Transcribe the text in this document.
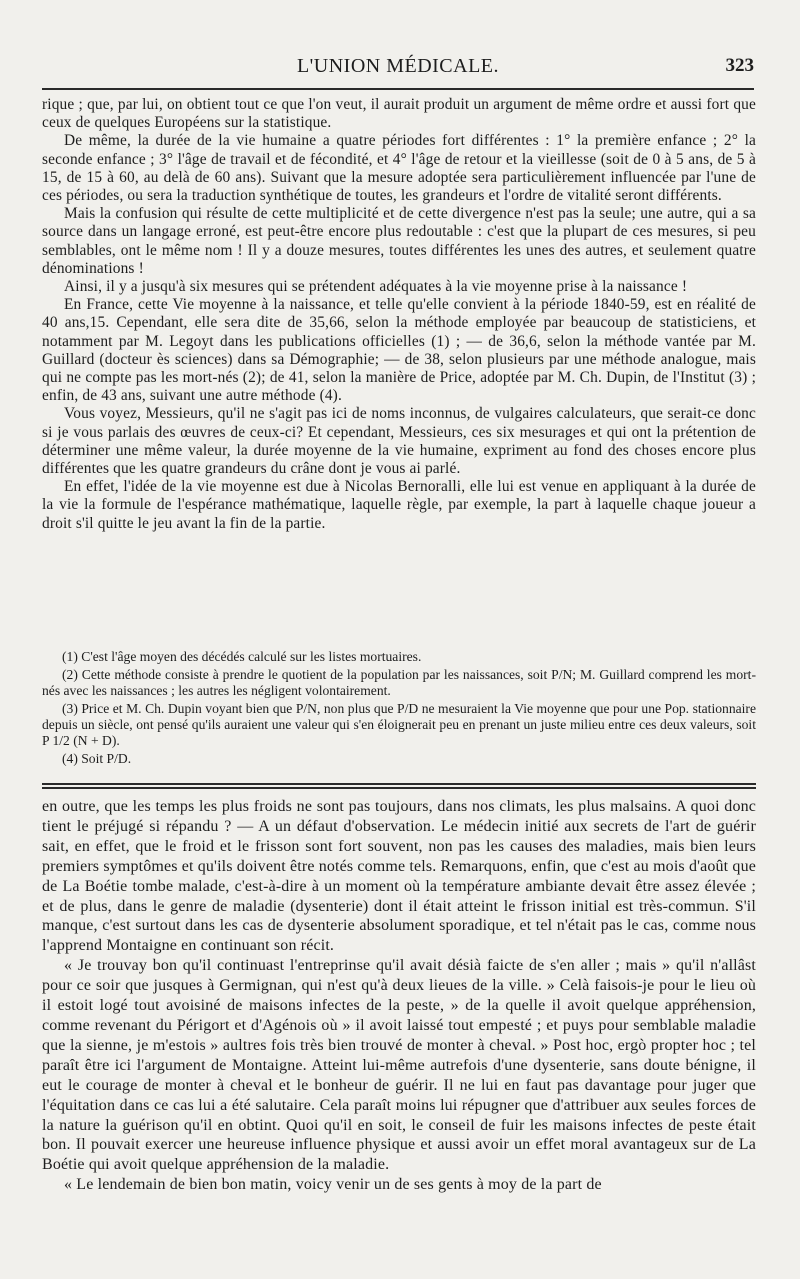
L'UNION MÉDICALE.	323

rique ; que, par lui, on obtient tout ce que l'on veut, il aurait produit un argument de même ordre et aussi fort que ceux de quelques Européens sur la statistique.

De même, la durée de la vie humaine a quatre périodes fort différentes : 1° la première enfance ; 2° la seconde enfance ; 3° l'âge de travail et de fécondité, et 4° l'âge de retour et la vieillesse (soit de 0 à 5 ans, de 5 à 15, de 15 à 60, au delà de 60 ans). Suivant que la mesure adoptée sera particulièrement influencée par l'une de ces périodes, ou sera la traduction synthétique de toutes, les grandeurs et l'ordre de vitalité seront différents.

Mais la confusion qui résulte de cette multiplicité et de cette divergence n'est pas la seule; une autre, qui a sa source dans un langage erroné, est peut-être encore plus redoutable : c'est que la plupart de ces mesures, si peu semblables, ont le même nom ! Il y a douze mesures, toutes différentes les unes des autres, et seulement quatre dénominations !

Ainsi, il y a jusqu'à six mesures qui se prétendent adéquates à la vie moyenne prise à la naissance !

En France, cette Vie moyenne à la naissance, et telle qu'elle convient à la période 1840-59, est en réalité de 40 ans,15. Cependant, elle sera dite de 35,66, selon la méthode employée par beaucoup de statisticiens, et notamment par M. Legoyt dans les publications officielles (1) ; — de 36,6, selon la méthode vantée par M. Guillard (docteur ès sciences) dans sa Démographie; — de 38, selon plusieurs par une méthode analogue, mais qui ne compte pas les mort-nés (2); de 41, selon la manière de Price, adoptée par M. Ch. Dupin, de l'Institut (3) ; enfin, de 43 ans, suivant une autre méthode (4).

Vous voyez, Messieurs, qu'il ne s'agit pas ici de noms inconnus, de vulgaires calculateurs, que serait-ce donc si je vous parlais des œuvres de ceux-ci? Et cependant, Messieurs, ces six mesurages et qui ont la prétention de déterminer une même valeur, la durée moyenne de la vie humaine, expriment au fond des choses encore plus différentes que les quatre grandeurs du crâne dont je vous ai parlé.

En effet, l'idée de la vie moyenne est due à Nicolas Bernoralli, elle lui est venue en appliquant à la durée de la vie la formule de l'espérance mathématique, laquelle règle, par exemple, la part à laquelle chaque joueur a droit s'il quitte le jeu avant la fin de la partie.

(1) C'est l'âge moyen des décédés calculé sur les listes mortuaires.

(2) Cette méthode consiste à prendre le quotient de la population par les naissances, soit P/N; M. Guillard comprend les mort-nés avec les naissances ; les autres les négligent volontairement.

(3) Price et M. Ch. Dupin voyant bien que P/N, non plus que P/D ne mesuraient la Vie moyenne que pour une Pop. stationnaire depuis un siècle, ont pensé qu'ils auraient une valeur qui s'en éloignerait peu en prenant un juste milieu entre ces deux valeurs, soit P 1/2 (N + D).

(4) Soit P/D.

en outre, que les temps les plus froids ne sont pas toujours, dans nos climats, les plus malsains. A quoi donc tient le préjugé si répandu ? — A un défaut d'observation. Le médecin initié aux secrets de l'art de guérir sait, en effet, que le froid et le frisson sont fort souvent, non pas les causes des maladies, mais bien leurs premiers symptômes et qu'ils doivent être notés comme tels. Remarquons, enfin, que c'est au mois d'août que de La Boétie tombe malade, c'est-à-dire à un moment où la température ambiante devait être assez élevée ; et de plus, dans le genre de maladie (dysenterie) dont il était atteint le frisson initial est très-commun. S'il manque, c'est surtout dans les cas de dysenterie absolument sporadique, et tel n'était pas le cas, comme nous l'apprend Montaigne en continuant son récit.

« Je trouvay bon qu'il continuast l'entreprinse qu'il avait désià faicte de s'en aller ; mais » qu'il n'allâst pour ce soir que jusques à Germignan, qui n'est qu'à deux lieues de la ville. » Celà faisois-je pour le lieu où il estoit logé tout avoisiné de maisons infectes de la peste, » de la quelle il avoit quelque appréhension, comme revenant du Périgort et d'Agénois où » il avoit laissé tout empesté ; et puys pour semblable maladie que la sienne, je m'estois » aultres fois très bien trouvé de monter à cheval. » Post hoc, ergò propter hoc ; tel paraît être ici l'argument de Montaigne. Atteint lui-même autrefois d'une dysenterie, sans doute bénigne, il eut le courage de monter à cheval et le bonheur de guérir. Il ne lui en faut pas davantage pour juger que l'équitation dans ce cas lui a été salutaire. Cela paraît moins lui répugner que d'attribuer aux seules forces de la nature la guérison qu'il en obtint. Quoi qu'il en soit, le conseil de fuir les maisons infectes de peste était bon. Il pouvait exercer une heureuse influence physique et aussi avoir un effet moral avantageux sur de La Boétie qui avoit quelque appréhension de la maladie.

« Le lendemain de bien bon matin, voicy venir un de ses gents à moy de la part de
